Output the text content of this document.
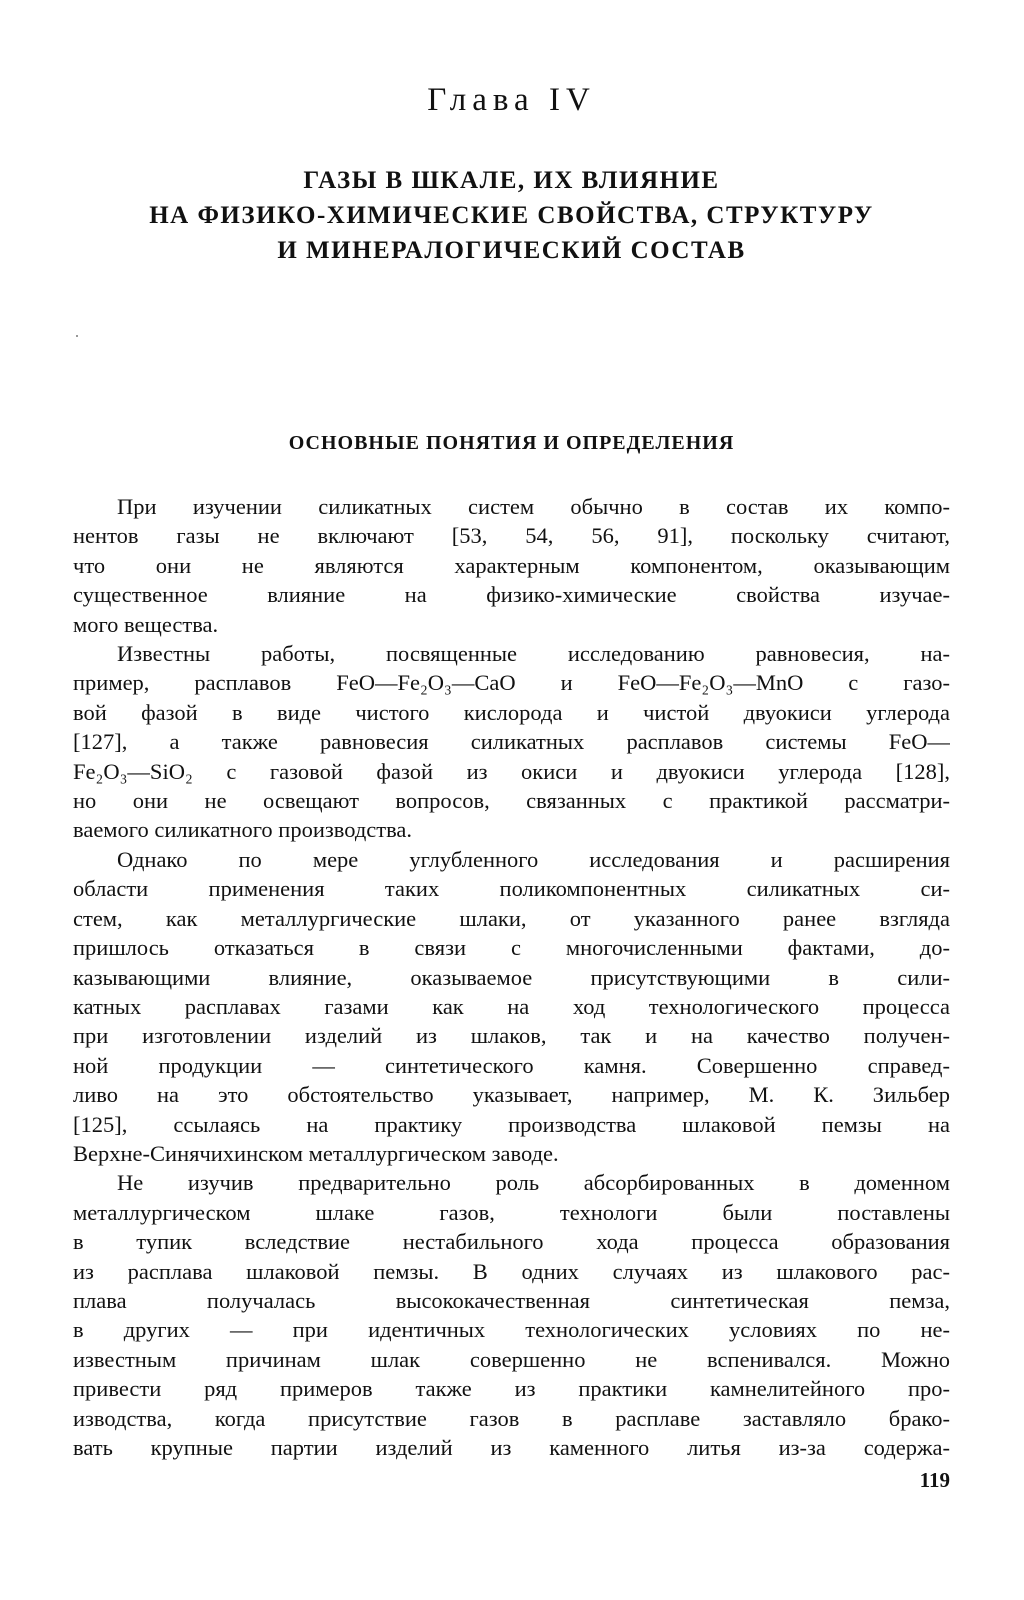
Глава IV
ГАЗЫ В ШКАЛЕ, ИХ ВЛИЯНИЕ
НА ФИЗИКО-ХИМИЧЕСКИЕ СВОЙСТВА, СТРУКТУРУ
И МИНЕРАЛОГИЧЕСКИЙ СОСТАВ
ОСНОВНЫЕ ПОНЯТИЯ И ОПРЕДЕЛЕНИЯ

При изучении силикатных систем обычно в состав их компо-
нентов газы не включают [53, 54, 56, 91], поскольку считают,
что они не являются характерным компонентом, оказывающим
существенное влияние на физико-химические свойства изучае-
мого вещества.

Известны работы, посвященные исследованию равновесия, на-
пример, расплавов FeO—Fe₂O₃—CaO и FeO—Fe₂O₃—MnO с газо-
вой фазой в виде чистого кислорода и чистой двуокиси углерода
[127], а также равновесия силикатных расплавов системы FeO—
Fe₂O₃—SiO₂ с газовой фазой из окиси и двуокиси углерода [128],
но они не освещают вопросов, связанных с практикой рассматри-
ваемого силикатного производства.

Однако по мере углубленного исследования и расширения
области применения таких поликомпонентных силикатных си-
стем, как металлургические шлаки, от указанного ранее взгляда
пришлось отказаться в связи с многочисленными фактами, до-
казывающими влияние, оказываемое присутствующими в сили-
катных расплавах газами как на ход технологического процесса
при изготовлении изделий из шлаков, так и на качество получен-
ной продукции — синтетического камня. Совершенно справед-
ливо на это обстоятельство указывает, например, М. К. Зильбер
[125], ссылаясь на практику производства шлаковой пемзы на
Верхне-Синячихинском металлургическом заводе.

Не изучив предварительно роль абсорбированных в доменном
металлургическом шлаке газов, технологи были поставлены
в тупик вследствие нестабильного хода процесса образования
из расплава шлаковой пемзы. В одних случаях из шлакового рас-
плава получалась высококачественная синтетическая пемза,
в других — при идентичных технологических условиях по не-
известным причинам шлак совершенно не вспенивался. Можно
привести ряд примеров также из практики камнелитейного про-
изводства, когда присутствие газов в расплаве заставляло брако-
вать крупные партии изделий из каменного литья из-за содержа-

119
